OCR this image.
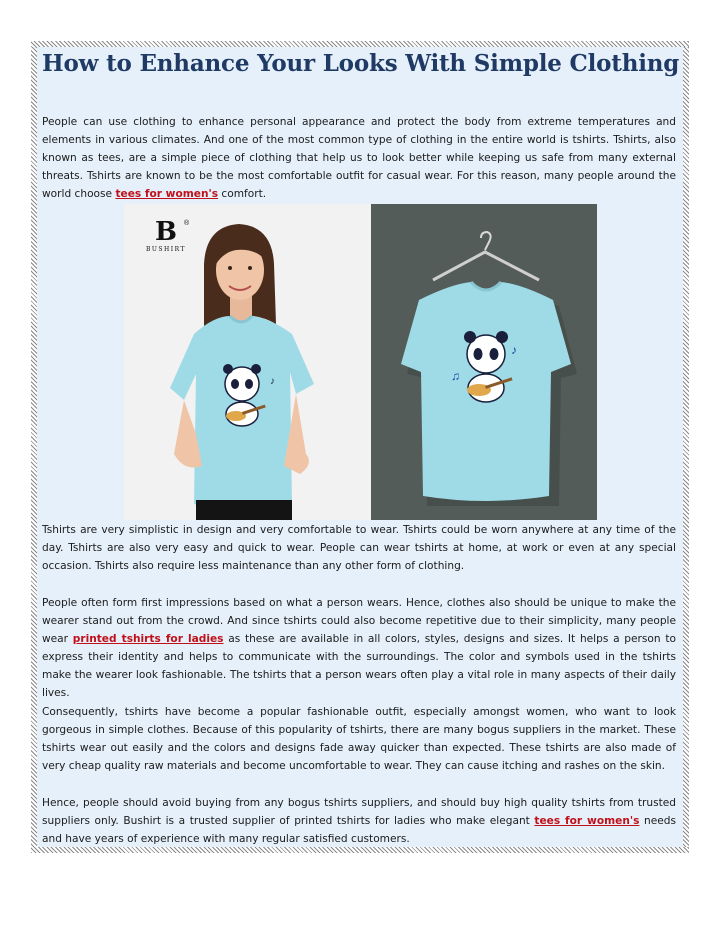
How to Enhance Your Looks With Simple Clothing

People can use clothing to enhance personal appearance and protect the body from extreme temperatures and elements in various climates. And one of the most common type of clothing in the entire world is tshirts. Tshirts, also known as tees, are a simple piece of clothing that help us to look better while keeping us safe from many external threats. Tshirts are known to be the most comfortable outfit for casual wear. For this reason, many people around the world choose tees for women's comfort.

B	®
BUSHIRT
♪
♪
♫

Tshirts are very simplistic in design and very comfortable to wear. Tshirts could be worn anywhere at any time of the day. Tshirts are also very easy and quick to wear. People can wear tshirts at home, at work or even at any special occasion. Tshirts also require less maintenance than any other form of clothing.

People often form first impressions based on what a person wears. Hence, clothes also should be unique to make the wearer stand out from the crowd. And since tshirts could also become repetitive due to their simplicity, many people wear printed tshirts for ladies as these are available in all colors, styles, designs and sizes. It helps a person to express their identity and helps to communicate with the surroundings. The color and symbols used in the tshirts make the wearer look fashionable. The tshirts that a person wears often play a vital role in many aspects of their daily lives.

Consequently, tshirts have become a popular fashionable outfit, especially amongst women, who want to look gorgeous in simple clothes. Because of this popularity of tshirts, there are many bogus suppliers in the market. These tshirts wear out easily and the colors and designs fade away quicker than expected. These tshirts are also made of very cheap quality raw materials and become uncomfortable to wear. They can cause itching and rashes on the skin.

Hence, people should avoid buying from any bogus tshirts suppliers, and should buy high quality tshirts from trusted suppliers only. Bushirt is a trusted supplier of printed tshirts for ladies who make elegant tees for women's needs and have years of experience with many regular satisfied customers.
